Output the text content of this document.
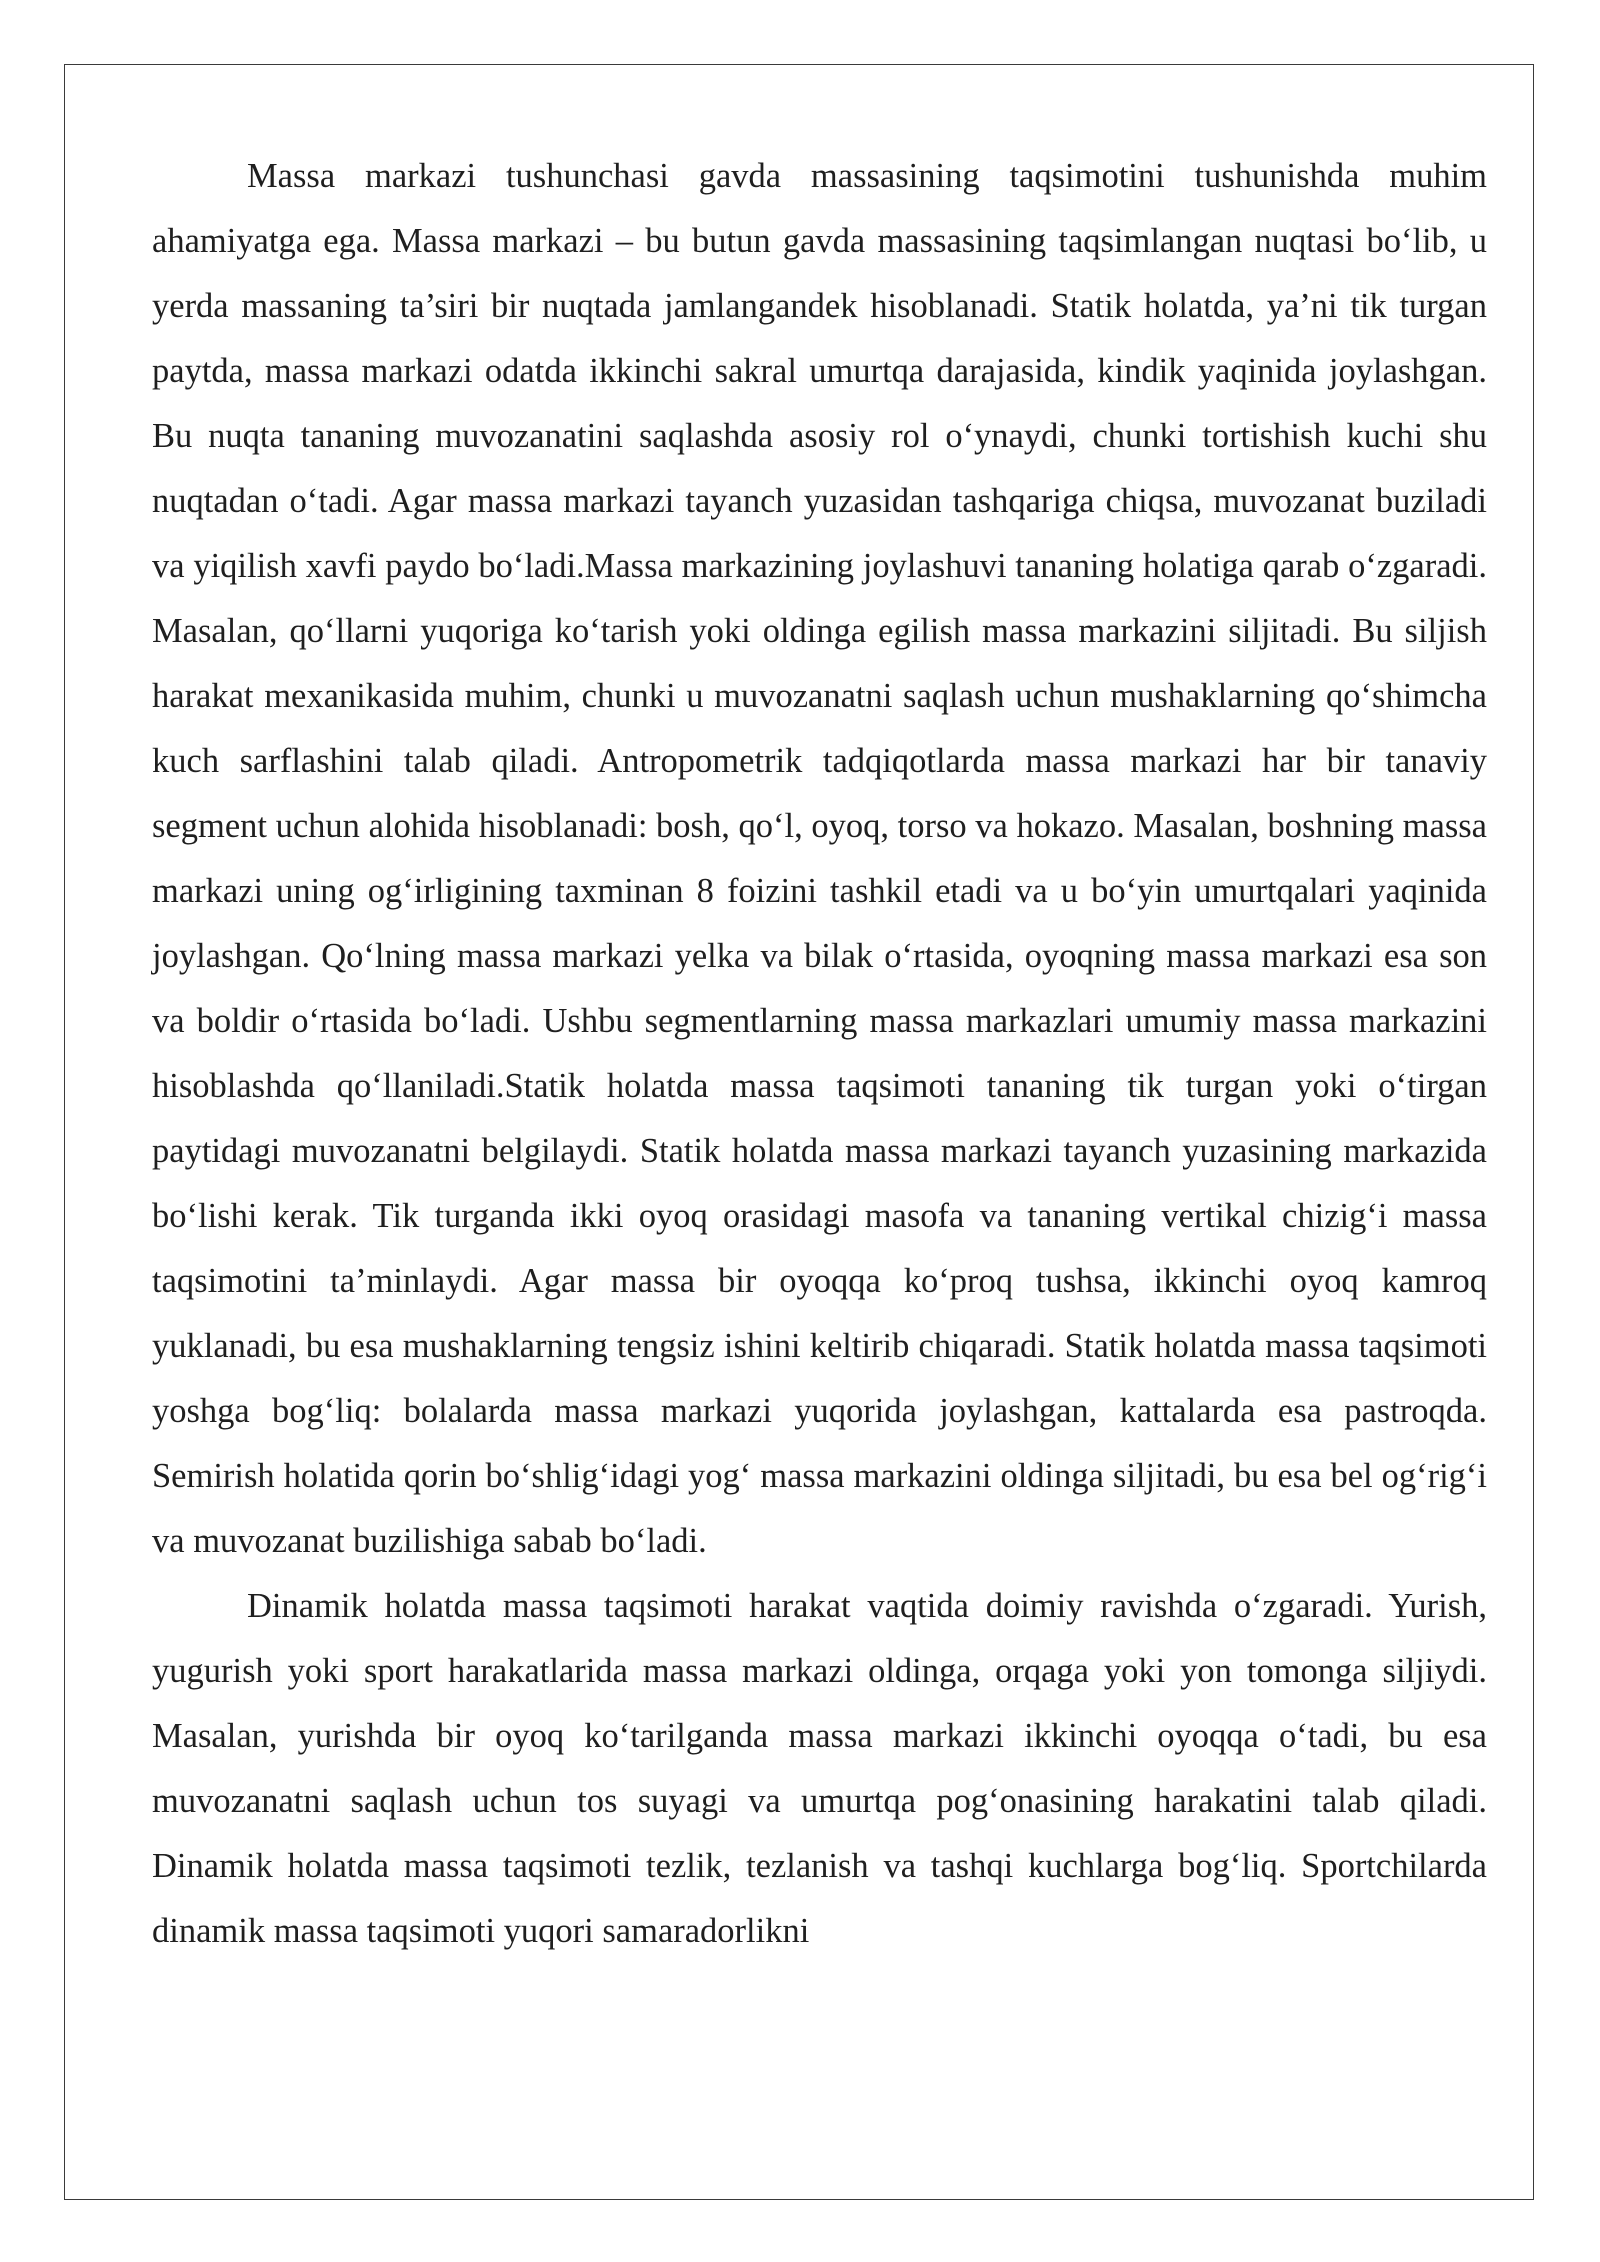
Massa markazi tushunchasi gavda massasining taqsimotini tushunishda muhim ahamiyatga ega. Massa markazi – bu butun gavda massasining taqsimlangan nuqtasi bo‘lib, u yerda massaning ta’siri bir nuqtada jamlangandek hisoblanadi. Statik holatda, ya’ni tik turgan paytda, massa markazi odatda ikkinchi sakral umurtqa darajasida, kindik yaqinida joylashgan. Bu nuqta tananing muvozanatini saqlashda asosiy rol o‘ynaydi, chunki tortishish kuchi shu nuqtadan o‘tadi. Agar massa markazi tayanch yuzasidan tashqariga chiqsa, muvozanat buziladi va yiqilish xavfi paydo bo‘ladi.Massa markazining joylashuvi tananing holatiga qarab o‘zgaradi. Masalan, qo‘llarni yuqoriga ko‘tarish yoki oldinga egilish massa markazini siljitadi. Bu siljish harakat mexanikasida muhim, chunki u muvozanatni saqlash uchun mushaklarning qo‘shimcha kuch sarflashini talab qiladi. Antropometrik tadqiqotlarda massa markazi har bir tanaviy segment uchun alohida hisoblanadi: bosh, qo‘l, oyoq, torso va hokazo. Masalan, boshning massa markazi uning og‘irligining taxminan 8 foizini tashkil etadi va u bo‘yin umurtqalari yaqinida joylashgan. Qo‘lning massa markazi yelka va bilak o‘rtasida, oyoqning massa markazi esa son va boldir o‘rtasida bo‘ladi. Ushbu segmentlarning massa markazlari umumiy massa markazini hisoblashda qo‘llaniladi.Statik holatda massa taqsimoti tananing tik turgan yoki o‘tirgan paytidagi muvozanatni belgilaydi. Statik holatda massa markazi tayanch yuzasining markazida bo‘lishi kerak. Tik turganda ikki oyoq orasidagi masofa va tananing vertikal chizig‘i massa taqsimotini ta’minlaydi. Agar massa bir oyoqqa ko‘proq tushsa, ikkinchi oyoq kamroq yuklanadi, bu esa mushaklarning tengsiz ishini keltirib chiqaradi. Statik holatda massa taqsimoti yoshga bog‘liq: bolalarda massa markazi yuqorida joylashgan, kattalarda esa pastroqda. Semirish holatida qorin bo‘shlig‘idagi yog‘ massa markazini oldinga siljitadi, bu esa bel og‘rig‘i va muvozanat buzilishiga sabab bo‘ladi.

Dinamik holatda massa taqsimoti harakat vaqtida doimiy ravishda o‘zgaradi. Yurish, yugurish yoki sport harakatlarida massa markazi oldinga, orqaga yoki yon tomonga siljiydi. Masalan, yurishda bir oyoq ko‘tarilganda massa markazi ikkinchi oyoqqa o‘tadi, bu esa muvozanatni saqlash uchun tos suyagi va umurtqa pog‘onasining harakatini talab qiladi. Dinamik holatda massa taqsimoti tezlik, tezlanish va tashqi kuchlarga bog‘liq. Sportchilarda dinamik massa taqsimoti yuqori samaradorlikni
